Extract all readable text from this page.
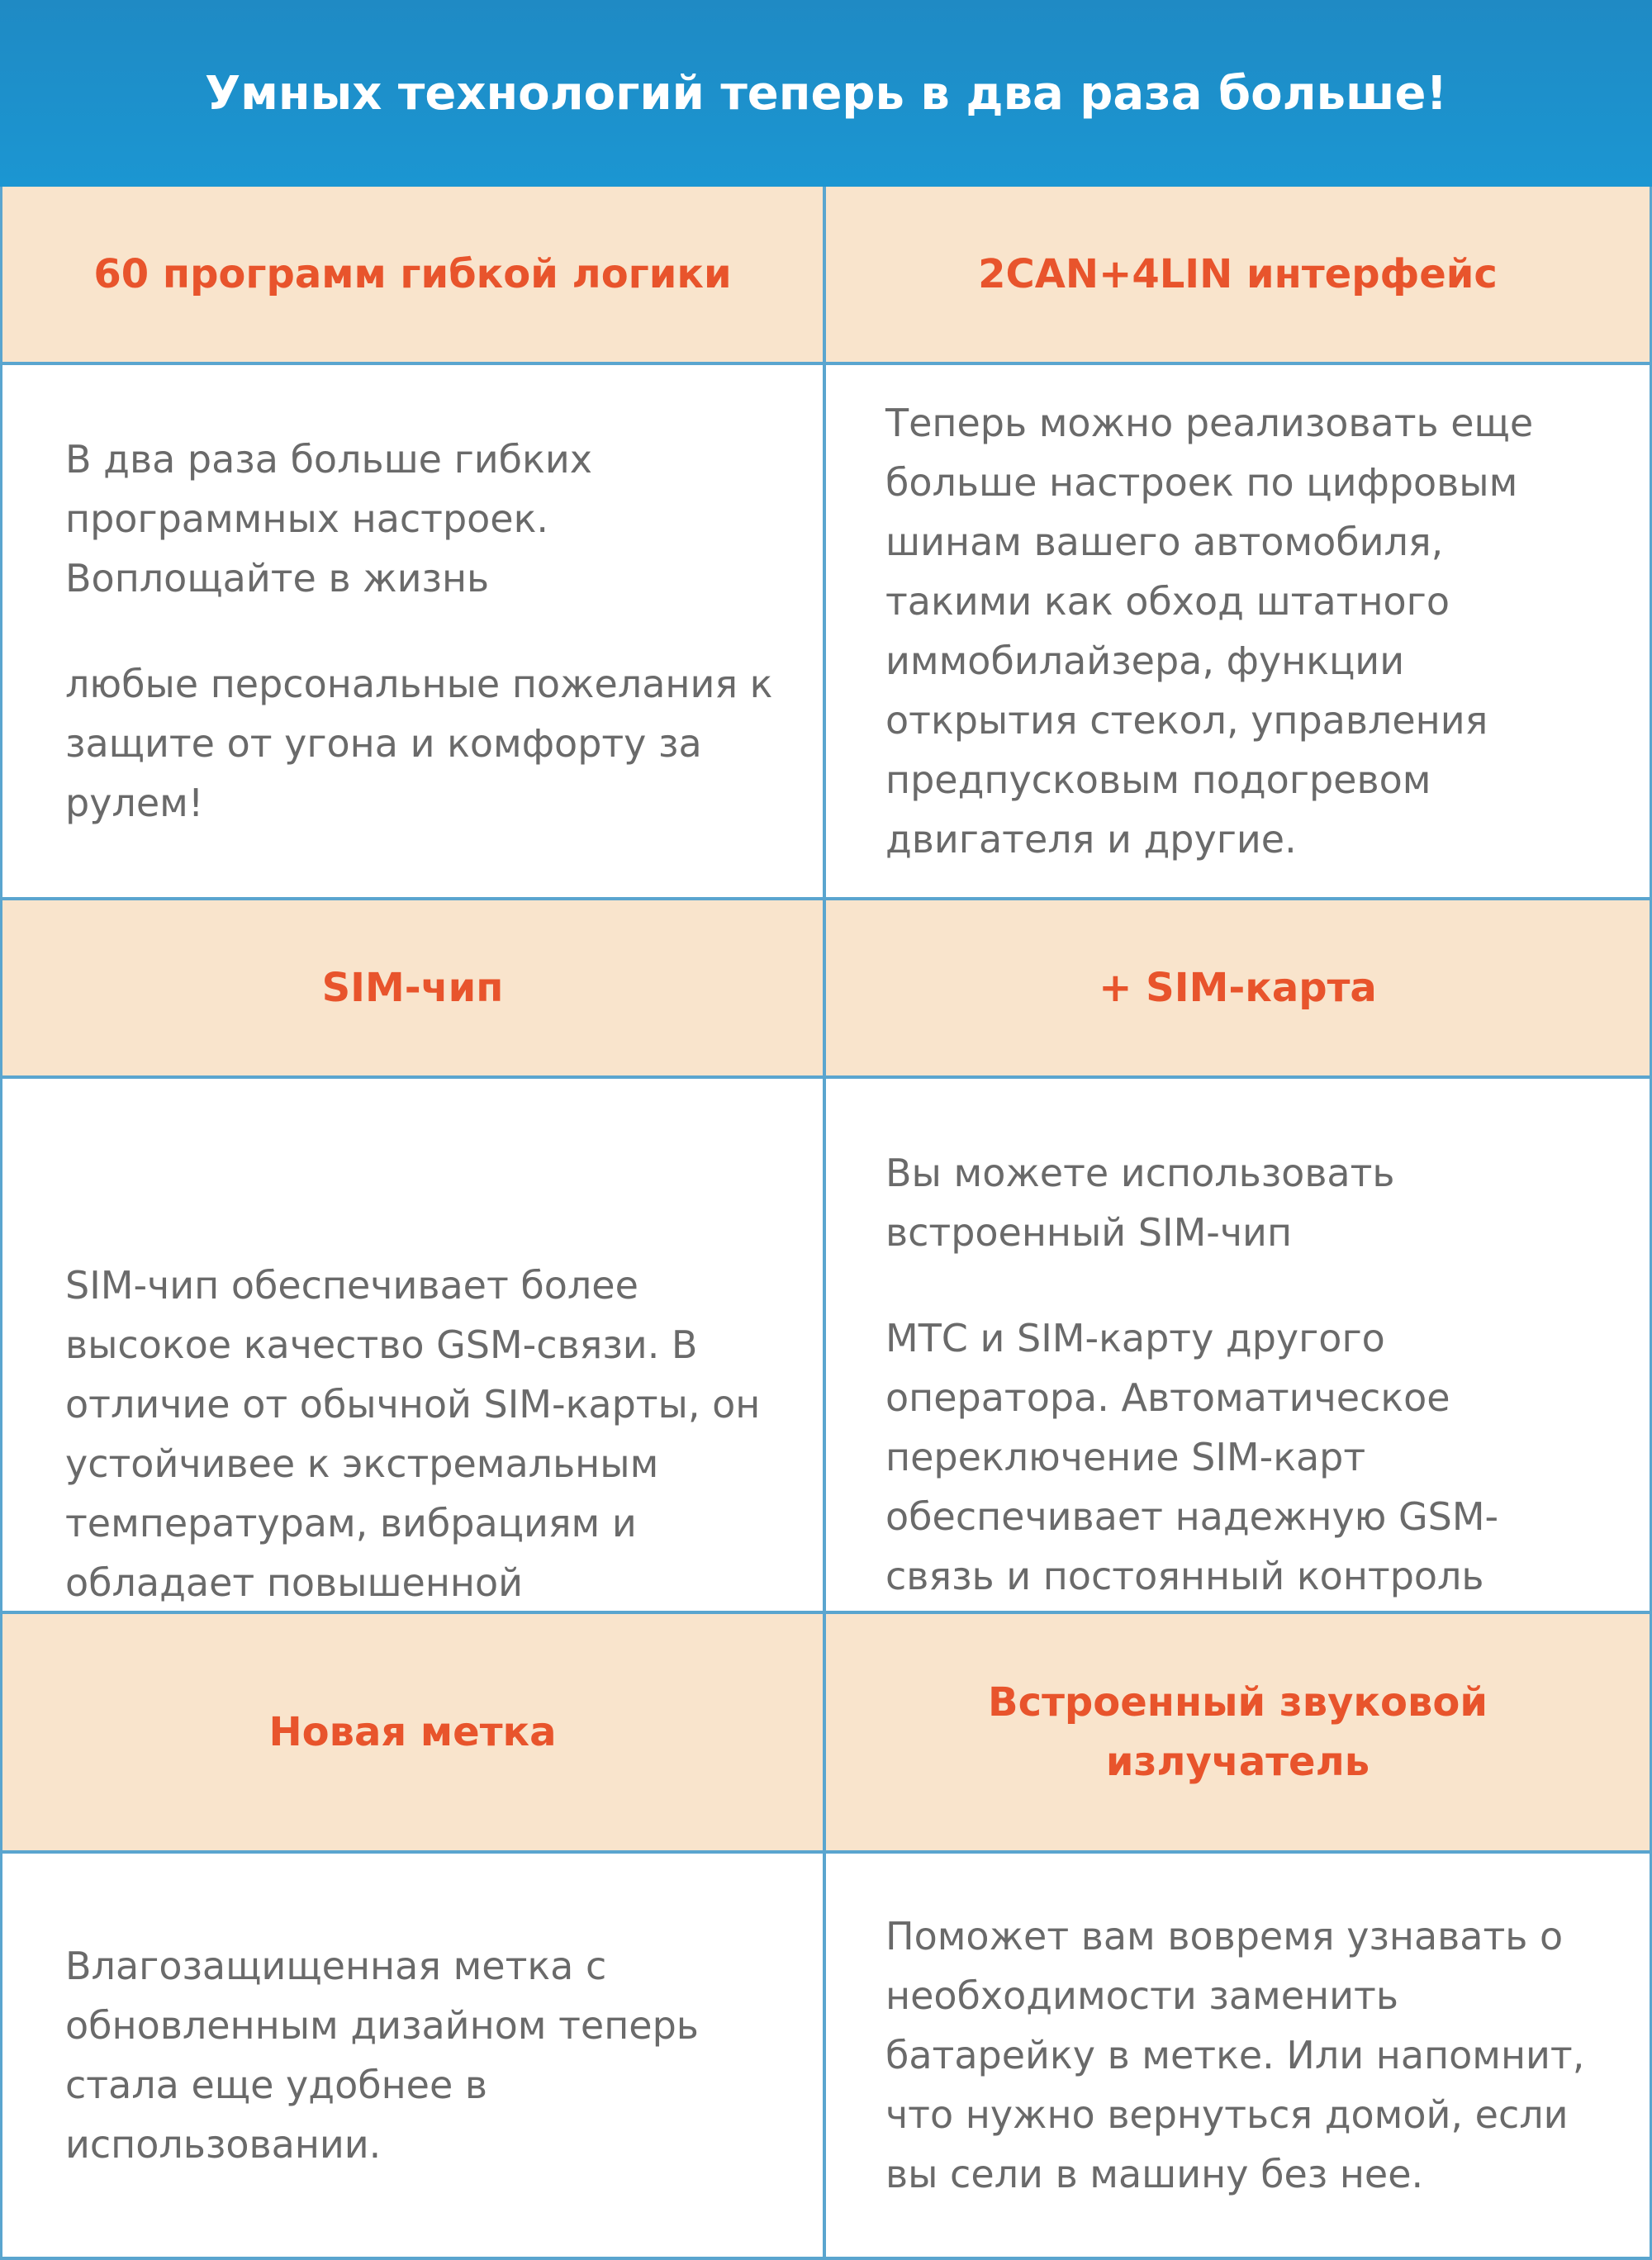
Умных технологий теперь в два раза больше!
60 программ гибкой логики	2CAN+4LIN интерфейс

В два раза больше гибких программных настроек. Воплощайте в жизнь

любые персональные пожелания к защите от угона и комфорту за рулем!

Теперь можно реализовать еще больше настроек по цифровым шинам вашего автомобиля, такими как обход штатного иммобилайзера, функции открытия стекол, управления предпусковым подогревом двигателя и другие.

SIM-чип	+ SIM-карта

SIM-чип обеспечивает более высокое качество GSM-связи. В отличие от обычной SIM-карты, он устойчивее к экстремальным температурам, вибрациям и обладает повышенной

Вы можете использовать встроенный SIM-чип

МТС и SIM-карту другого оператора. Автоматическое переключение SIM-карт обеспечивает надежную GSM-связь и постоянный контроль

Новая метка
Встроенный звуковой излучатель

Влагозащищенная метка с обновленным дизайном теперь стала еще удобнее в использовании.

Поможет вам вовремя узнавать о необходимости заменить батарейку в метке. Или напомнит, что нужно вернуться домой, если вы сели в машину без нее.
